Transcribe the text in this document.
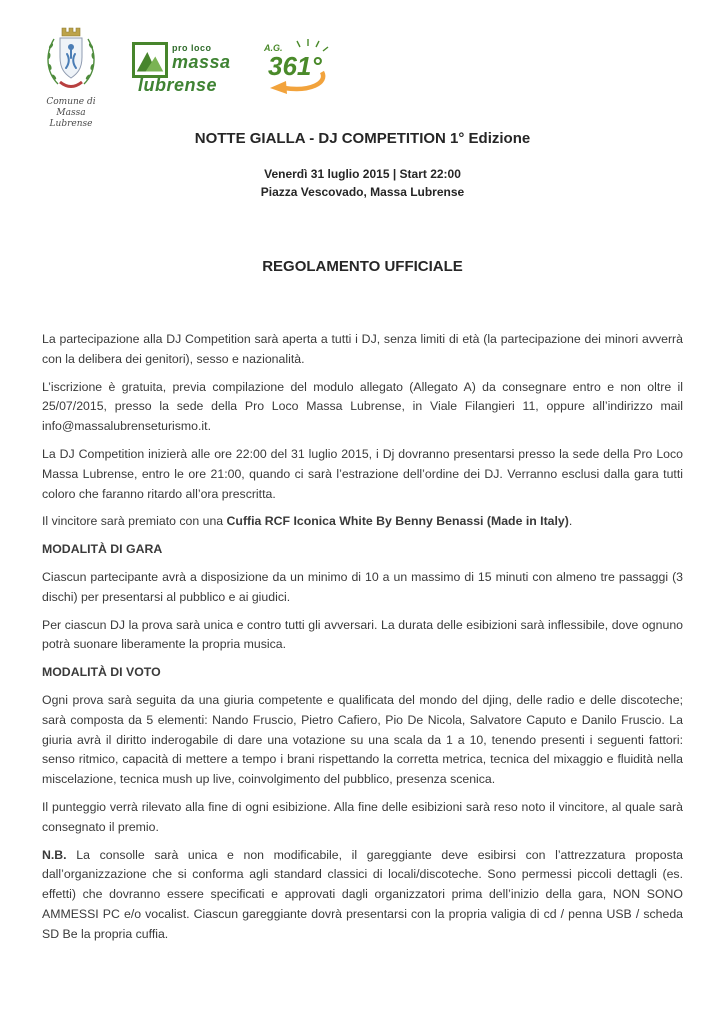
Comune di
Massa Lubrense
pro loco
massa
lubrense
A.G.
361°
NOTTE GIALLA - DJ COMPETITION 1° Edizione
Venerdì 31 luglio 2015 | Start 22:00
Piazza Vescovado, Massa Lubrense
REGOLAMENTO UFFICIALE

La partecipazione alla DJ Competition sarà aperta a tutti i DJ, senza limiti di età (la partecipazione dei minori avverrà con la delibera dei genitori), sesso e nazionalità.

L’iscrizione è gratuita, previa compilazione del modulo allegato (Allegato A) da consegnare entro e non oltre il 25/07/2015, presso la sede della Pro Loco Massa Lubrense, in Viale Filangieri 11, oppure all’indirizzo mail info@massalubrenseturismo.it.

La DJ Competition inizierà alle ore 22:00 del 31 luglio 2015, i Dj dovranno presentarsi presso la sede della Pro Loco Massa Lubrense, entro le ore 21:00, quando ci sarà l’estrazione dell’ordine dei DJ. Verranno esclusi dalla gara tutti coloro che faranno ritardo all’ora prescritta.

Il vincitore sarà premiato con una Cuffia RCF Iconica White By Benny Benassi (Made in Italy).

MODALITÀ DI GARA

Ciascun partecipante avrà a disposizione da un minimo di 10 a un massimo di 15 minuti con almeno tre passaggi (3 dischi) per presentarsi al pubblico e ai giudici.

Per ciascun DJ la prova sarà unica e contro tutti gli avversari. La durata delle esibizioni sarà inflessibile, dove ognuno potrà suonare liberamente la propria musica.

MODALITÀ DI VOTO

Ogni prova sarà seguita da una giuria competente e qualificata del mondo del djing, delle radio e delle discoteche; sarà composta da 5 elementi: Nando Fruscio, Pietro Cafiero, Pio De Nicola, Salvatore Caputo e Danilo Fruscio. La giuria avrà il diritto inderogabile di dare una votazione su una scala da 1 a 10, tenendo presenti i seguenti fattori: senso ritmico, capacità di mettere a tempo i brani rispettando la corretta metrica, tecnica del mixaggio e fluidità nella miscelazione, tecnica mush up live, coinvolgimento del pubblico, presenza scenica.

Il punteggio verrà rilevato alla fine di ogni esibizione. Alla fine delle esibizioni sarà reso noto il vincitore, al quale sarà consegnato il premio.

N.B. La consolle sarà unica e non modificabile, il gareggiante deve esibirsi con l’attrezzatura proposta dall’organizzazione che si conforma agli standard classici di locali/discoteche. Sono permessi piccoli dettagli (es. effetti) che dovranno essere specificati e approvati dagli organizzatori prima dell’inizio della gara, NON SONO AMMESSI PC e/o vocalist. Ciascun gareggiante dovrà presentarsi con la propria valigia di cd / penna USB / scheda SD Be la propria cuffia.
